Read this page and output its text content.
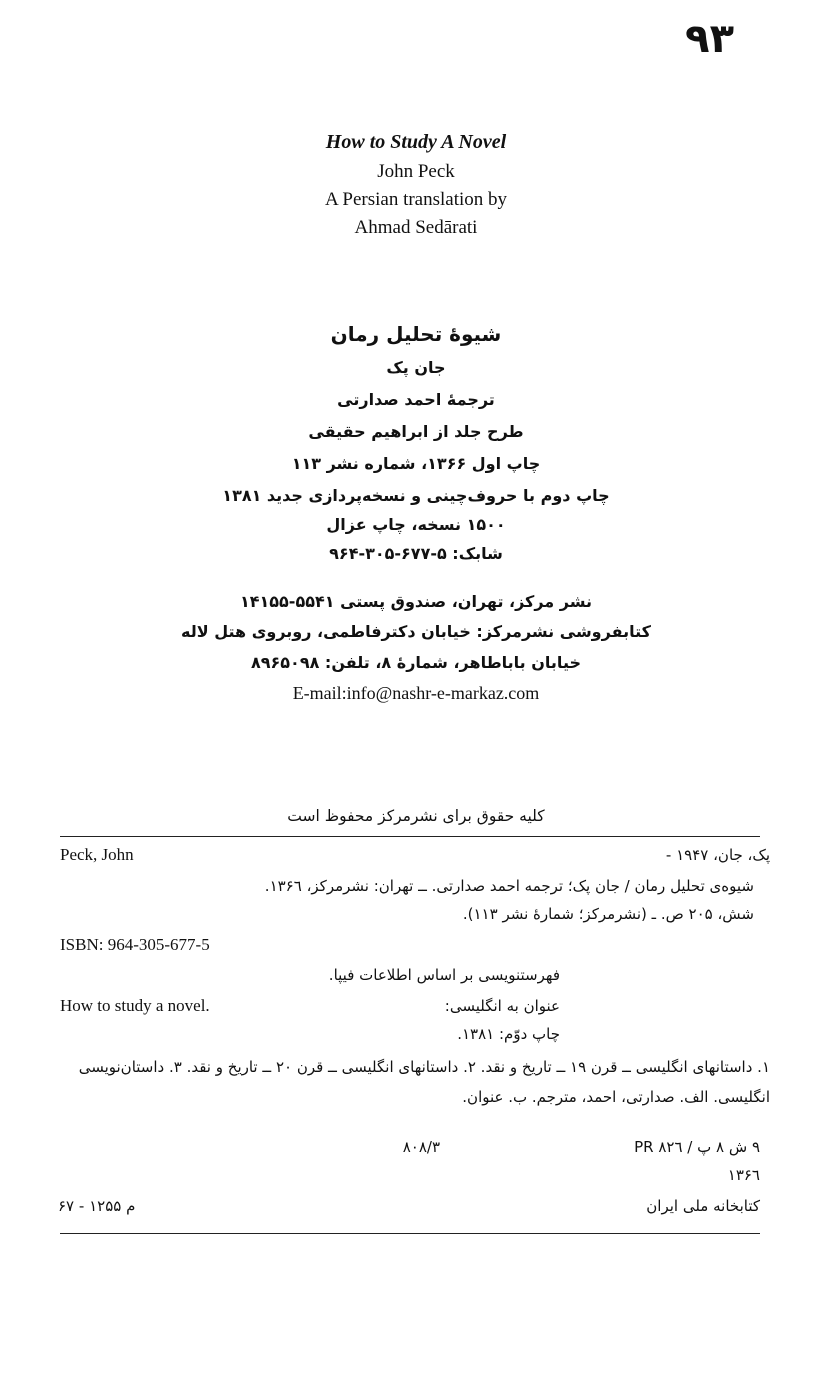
۹۳
How to Study A Novel
John Peck
A Persian translation by
Ahmad Sedārati
شیوهٔ تحلیل رمان
جان پک
ترجمهٔ احمد صدارتی
طرح جلد از ابراهیم حقیقی
چاپ اول ۱۳۶۶، شماره نشر ۱۱۳
چاپ دوم با حروف‌چینی و نسخه‌پردازی جدید ۱۳۸۱
۱۵۰۰ نسخه، چاپ عزال
شابک: ۵-۶۷۷-۳۰۵-۹۶۴
نشر مرکز، تهران، صندوق پستی ۵۵۴۱-۱۴۱۵۵
کتابفروشی نشرمرکز: خیابان دکترفاطمی، روبروی هتل لاله
خیابان باباطاهر، شمارهٔ ۸، تلفن: ۸۹۶۵۰۹۸
E-mail:info@nashr-e-markaz.com
کلیه حقوق برای نشرمرکز محفوظ است
Peck, John	پک، جان، ۱۹۴۷ -
شیوه‌ی تحلیل رمان / جان پک؛ ترجمه احمد صدارتی. ــ تهران: نشرمرکز، ۱۳۶٦.
شش، ۲۰۵ ص. ـ (نشرمرکز؛ شمارهٔ نشر ۱۱۳).
ISBN: 964-305-677-5
فهرستنویسی بر اساس اطلاعات فیپا.
How to study a novel.	عنوان به انگلیسی:
چاپ دوّم: ۱۳۸۱.
۱. داستانهای انگلیسی ــ قرن ۱۹ ــ تاریخ و نقد. ۲. داستانهای انگلیسی ــ قرن ۲۰ ــ تاریخ و نقد. ۳. داستان‌نویسی انگلیسی. الف. صدارتی، احمد، مترجم. ب. عنوان.
۹ ش ۸ پ / PR ۸۲٦
۸۰۸/۳
۱۳۶٦
کتابخانه ملی ایران
م ۱۲۵۵ - ۶۷
